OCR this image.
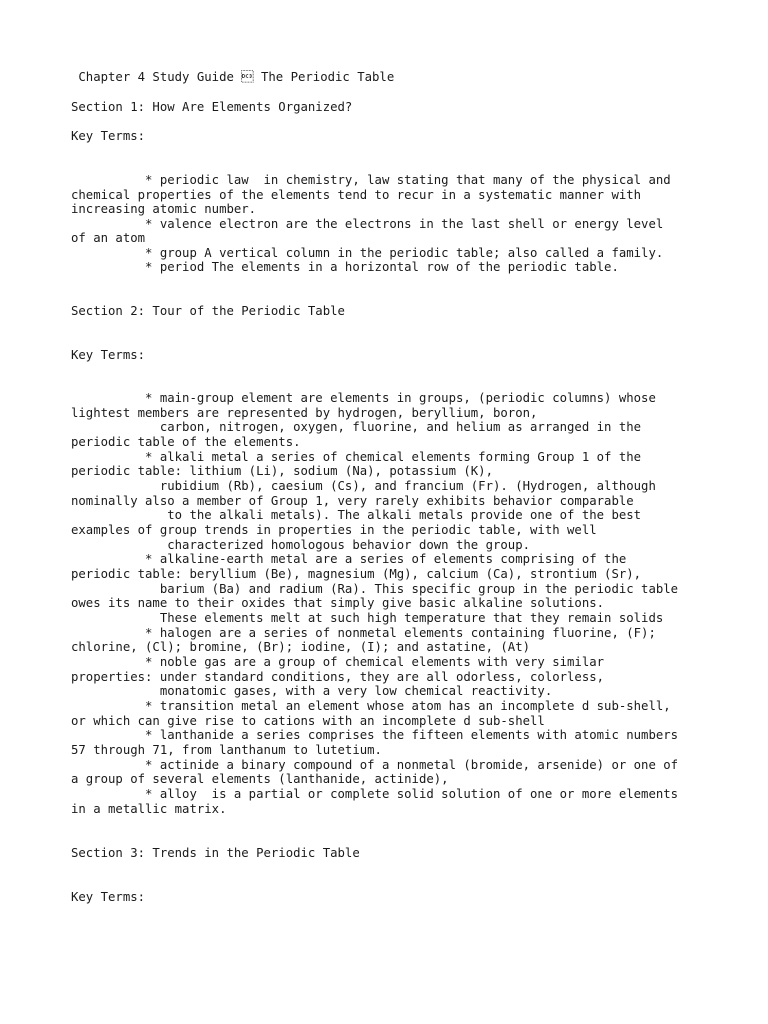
Chapter 4 Study Guide  The Periodic Table

Section 1: How Are Elements Organized?

Key Terms:

* periodic law  in chemistry, law stating that many of the physical and

chemical properties of the elements tend to recur in a systematic manner with

increasing atomic number.

* valence electron are the electrons in the last shell or energy level

of an atom

* group A vertical column in the periodic table; also called a family.

* period The elements in a horizontal row of the periodic table.

Section 2: Tour of the Periodic Table

Key Terms:

* main-group element are elements in groups, (periodic columns) whose

lightest members are represented by hydrogen, beryllium, boron,

carbon, nitrogen, oxygen, fluorine, and helium as arranged in the

periodic table of the elements.

* alkali metal a series of chemical elements forming Group 1 of the

periodic table: lithium (Li), sodium (Na), potassium (K),

rubidium (Rb), caesium (Cs), and francium (Fr). (Hydrogen, although

nominally also a member of Group 1, very rarely exhibits behavior comparable

to the alkali metals). The alkali metals provide one of the best

examples of group trends in properties in the periodic table, with well

characterized homologous behavior down the group.

* alkaline-earth metal are a series of elements comprising of the

periodic table: beryllium (Be), magnesium (Mg), calcium (Ca), strontium (Sr),

barium (Ba) and radium (Ra). This specific group in the periodic table

owes its name to their oxides that simply give basic alkaline solutions.

These elements melt at such high temperature that they remain solids

* halogen are a series of nonmetal elements containing fluorine, (F);

chlorine, (Cl); bromine, (Br); iodine, (I); and astatine, (At)

* noble gas are a group of chemical elements with very similar

properties: under standard conditions, they are all odorless, colorless,

monatomic gases, with a very low chemical reactivity.

* transition metal an element whose atom has an incomplete d sub-shell,

or which can give rise to cations with an incomplete d sub-shell

* lanthanide a series comprises the fifteen elements with atomic numbers

57 through 71, from lanthanum to lutetium.

* actinide a binary compound of a nonmetal (bromide, arsenide) or one of

a group of several elements (lanthanide, actinide),

* alloy  is a partial or complete solid solution of one or more elements

in a metallic matrix.

Section 3: Trends in the Periodic Table

Key Terms:
